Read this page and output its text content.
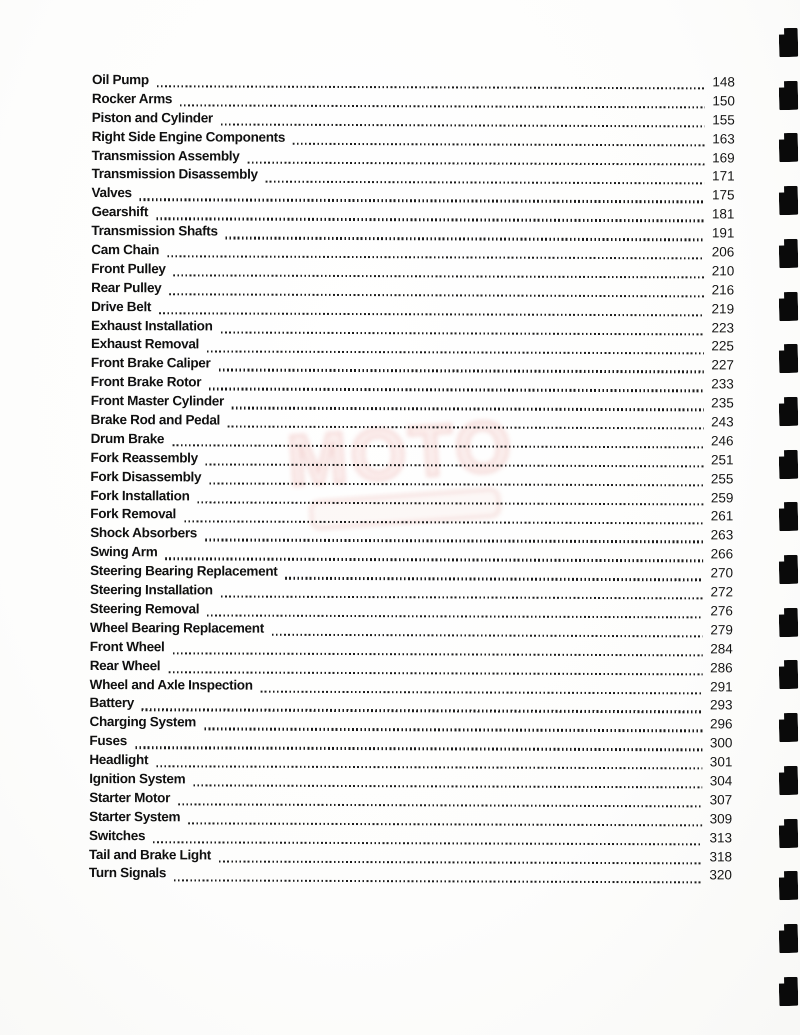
MOTO
Oil Pump	148
Rocker Arms	150
Piston and Cylinder	155
Right Side Engine Components	163
Transmission Assembly	169
Transmission Disassembly	171
Valves	175
Gearshift	181
Transmission Shafts	191
Cam Chain	206
Front Pulley	210
Rear Pulley	216
Drive Belt	219
Exhaust Installation	223
Exhaust Removal	225
Front Brake Caliper	227
Front Brake Rotor	233
Front Master Cylinder	235
Brake Rod and Pedal	243
Drum Brake	246
Fork Reassembly	251
Fork Disassembly	255
Fork Installation	259
Fork Removal	261
Shock Absorbers	263
Swing Arm	266
Steering Bearing Replacement	270
Steering Installation	272
Steering Removal	276
Wheel Bearing Replacement	279
Front Wheel	284
Rear Wheel	286
Wheel and Axle Inspection	291
Battery	293
Charging System	296
Fuses	300
Headlight	301
Ignition System	304
Starter Motor	307
Starter System	309
Switches	313
Tail and Brake Light	318
Turn Signals	320
